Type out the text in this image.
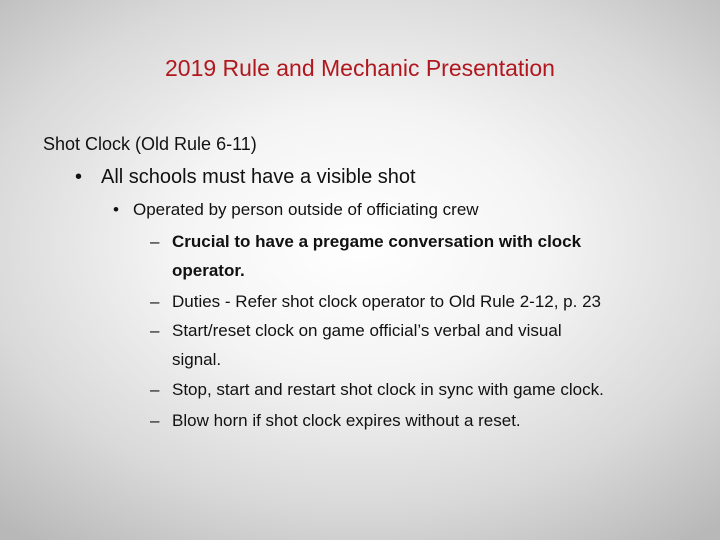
2019 Rule and Mechanic Presentation
Shot Clock (Old Rule 6-11)
• All schools must have a visible shot
• Operated by person outside of officiating crew
– Crucial to have a pregame conversation with clock
operator.
– Duties - Refer shot clock operator to Old Rule 2-12, p. 23
– Start/reset clock on game official’s verbal and visual
signal.
– Stop, start and restart shot clock in sync with game clock.
– Blow horn if shot clock expires without a reset.
